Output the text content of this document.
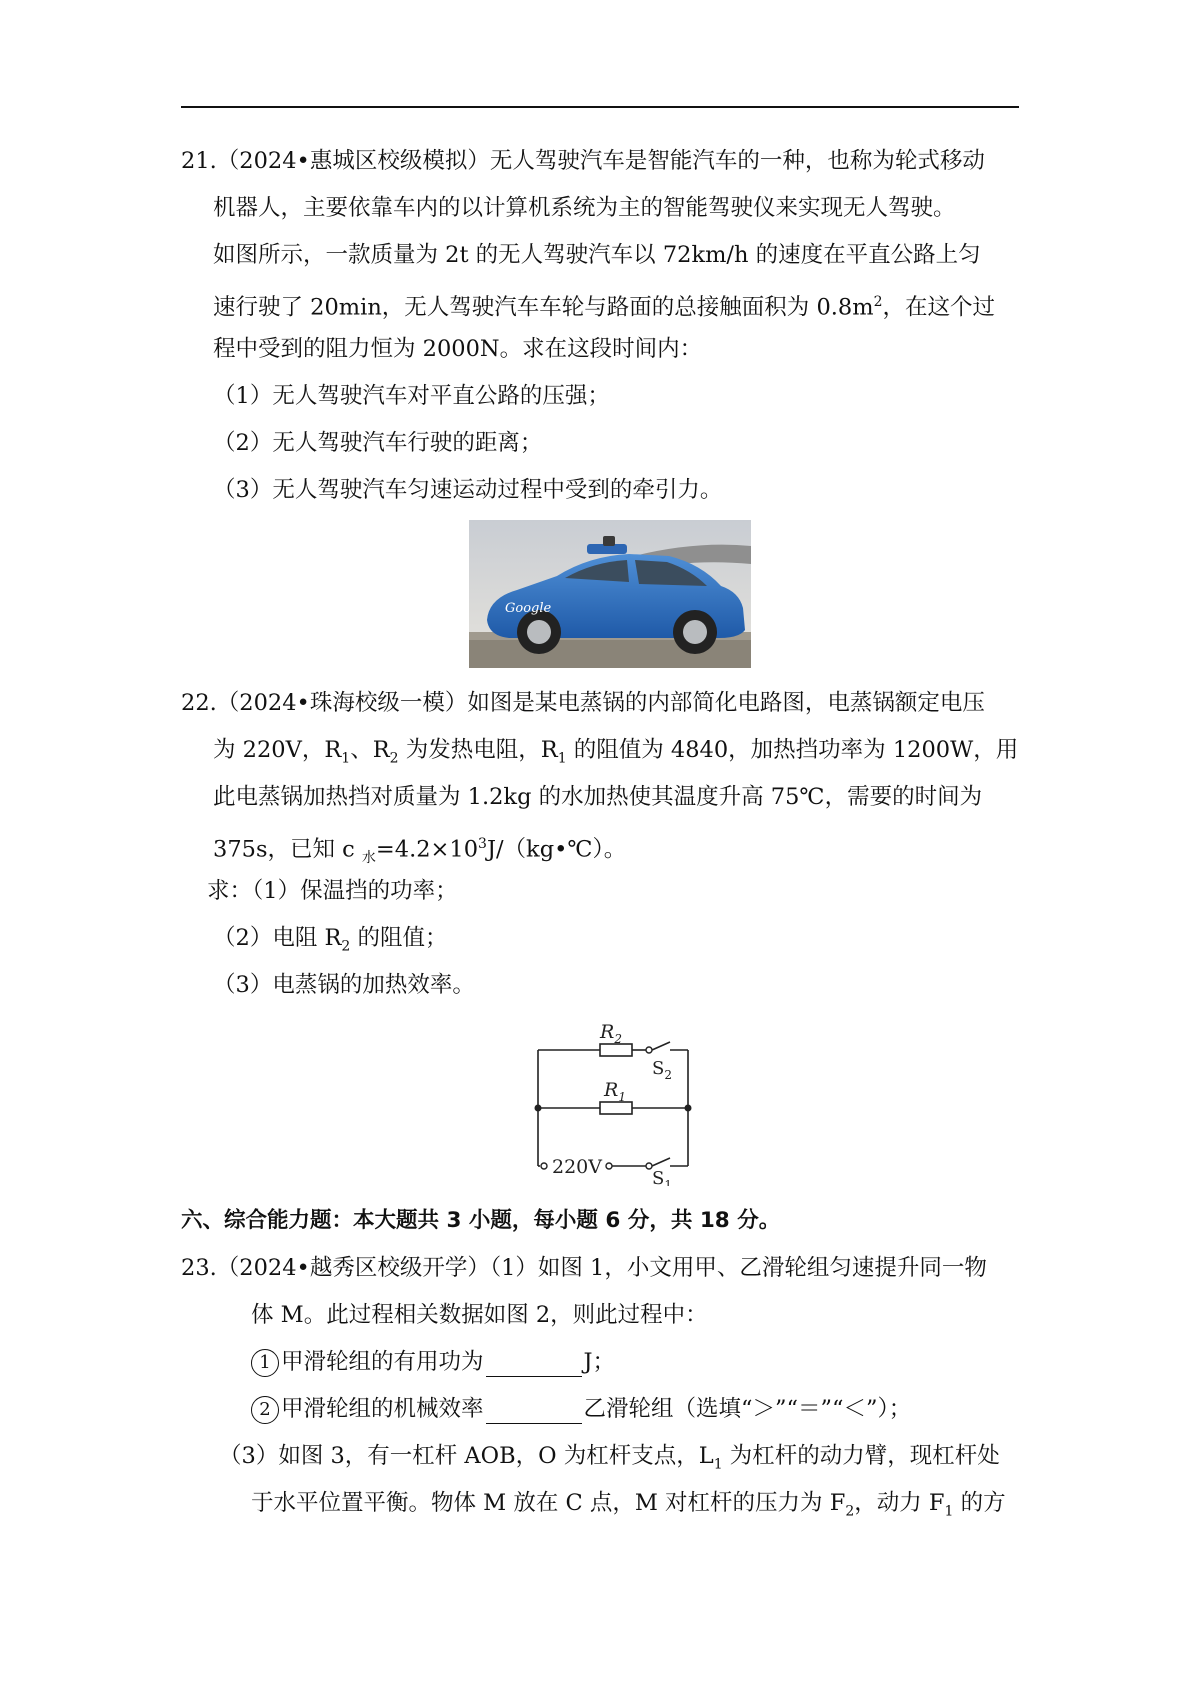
21.（2024•惠城区校级模拟）无人驾驶汽车是智能汽车的一种，也称为轮式移动
机器人，主要依靠车内的以计算机系统为主的智能驾驶仪来实现无人驾驶。
如图所示，一款质量为 2t 的无人驾驶汽车以 72km/h 的速度在平直公路上匀
速行驶了 20min，无人驾驶汽车车轮与路面的总接触面积为 $0.8m^2$，在这个过
程中受到的阻力恒为 2000N。求在这段时间内：
（1）无人驾驶汽车对平直公路的压强；
（2）无人驾驶汽车行驶的距离；
（3）无人驾驶汽车匀速运动过程中受到的牵引力。
Google
22.（2024•珠海校级一模）如图是某电蒸锅的内部简化电路图，电蒸锅额定电压
为 220V，$R_1$、$R_2$ 为发热电阻，$R_1$ 的阻值为 4840，加热挡功率为 1200W，用
此电蒸锅加热挡对质量为 1.2kg 的水加热使其温度升高 75℃，需要的时间为
375s，已知 c $_水=4.2\times 10^3J/(kg•℃)$。
求：（1）保温挡的功率；
（2）电阻 $R_2$ 的阻值；
（3）电蒸锅的加热效率。
$R_2$
$R_1$
$S_2$
$S_1$
220V
六、综合能力题：本大题共 3 小题，每小题 6 分，共 18 分。
23.（2024•越秀区校级开学）（1）如图 1，小文用甲、乙滑轮组匀速提升同一物
体 M。此过程相关数据如图 2，则此过程中：
1 甲滑轮组的有用功为	J；
2 甲滑轮组的机械效率	乙滑轮组（选填“＞”“＝”“＜”）；
（3）如图 3，有一杠杆 AOB，O 为杠杆支点，$L_1$ 为杠杆的动力臂，现杠杆处
于水平位置平衡。物体 M 放在 C 点，M 对杠杆的压力为 $F_2$，动力 $F_1$ 的方
